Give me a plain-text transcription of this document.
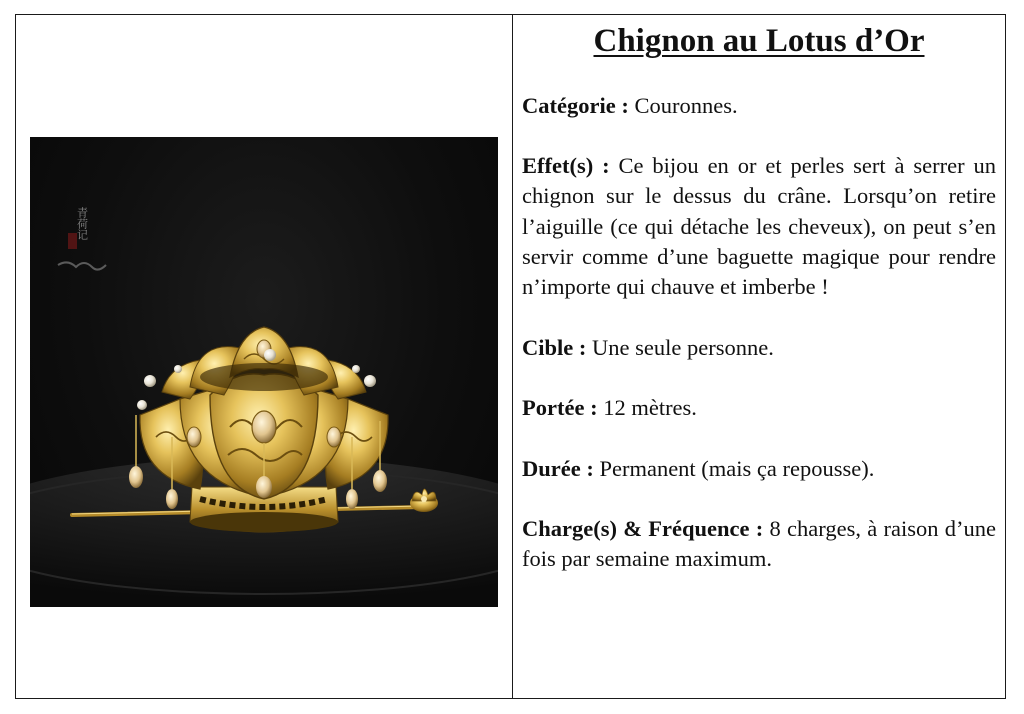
青荷记
Chignon au Lotus d’Or

Catégorie : Couronnes.

Effet(s) : Ce bijou en or et perles sert à serrer un chignon sur le dessus du crâne. Lorsqu’on retire l’aiguille (ce qui détache les cheveux), on peut s’en servir comme d’une baguette magique pour rendre n’importe qui chauve et imberbe !

Cible : Une seule personne.

Portée : 12 mètres.

Durée : Permanent (mais ça repousse).

Charge(s) & Fréquence : 8 charges, à raison d’une fois par semaine maximum.
